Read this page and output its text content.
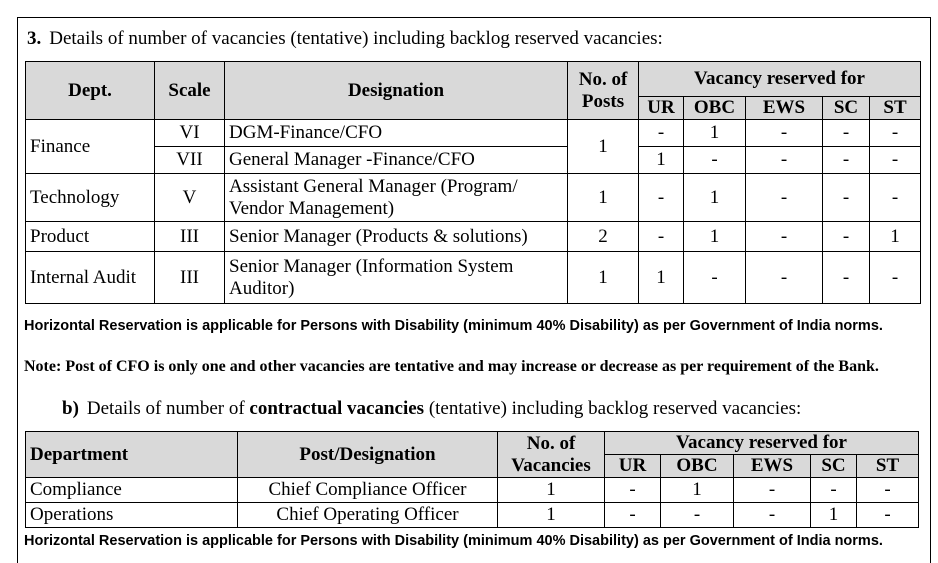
3. Details of number of vacancies (tentative) including backlog reserved vacancies:
Dept.	Scale	Designation	No. of Posts	Vacancy reserved for				
				UR	OBC	EWS	SC	ST
Finance	VI	DGM-Finance/CFO	1	-	1	-	-	-
	VII	General Manager -Finance/CFO		1	-	-	-	-
Technology	V	Assistant General Manager (Program/ Vendor Management)	1	-	1	-	-	-
Product	III	Senior Manager (Products & solutions)	2	-	1	-	-	1
Internal Audit	III	Senior Manager (Information System Auditor)	1	1	-	-	-	-
Horizontal Reservation is applicable for Persons with Disability (minimum 40% Disability) as per Government of India norms.
Note: Post of CFO is only one and other vacancies are tentative and may increase or decrease as per requirement of the Bank.
b) Details of number of contractual vacancies (tentative) including backlog reserved vacancies:
Department	Post/Designation	No. of Vacancies	Vacancy reserved for				
			UR	OBC	EWS	SC	ST
Compliance	Chief Compliance Officer	1	-	1	-	-	-
Operations	Chief Operating Officer	1	-	-	-	1	-
Horizontal Reservation is applicable for Persons with Disability (minimum 40% Disability) as per Government of India norms.
